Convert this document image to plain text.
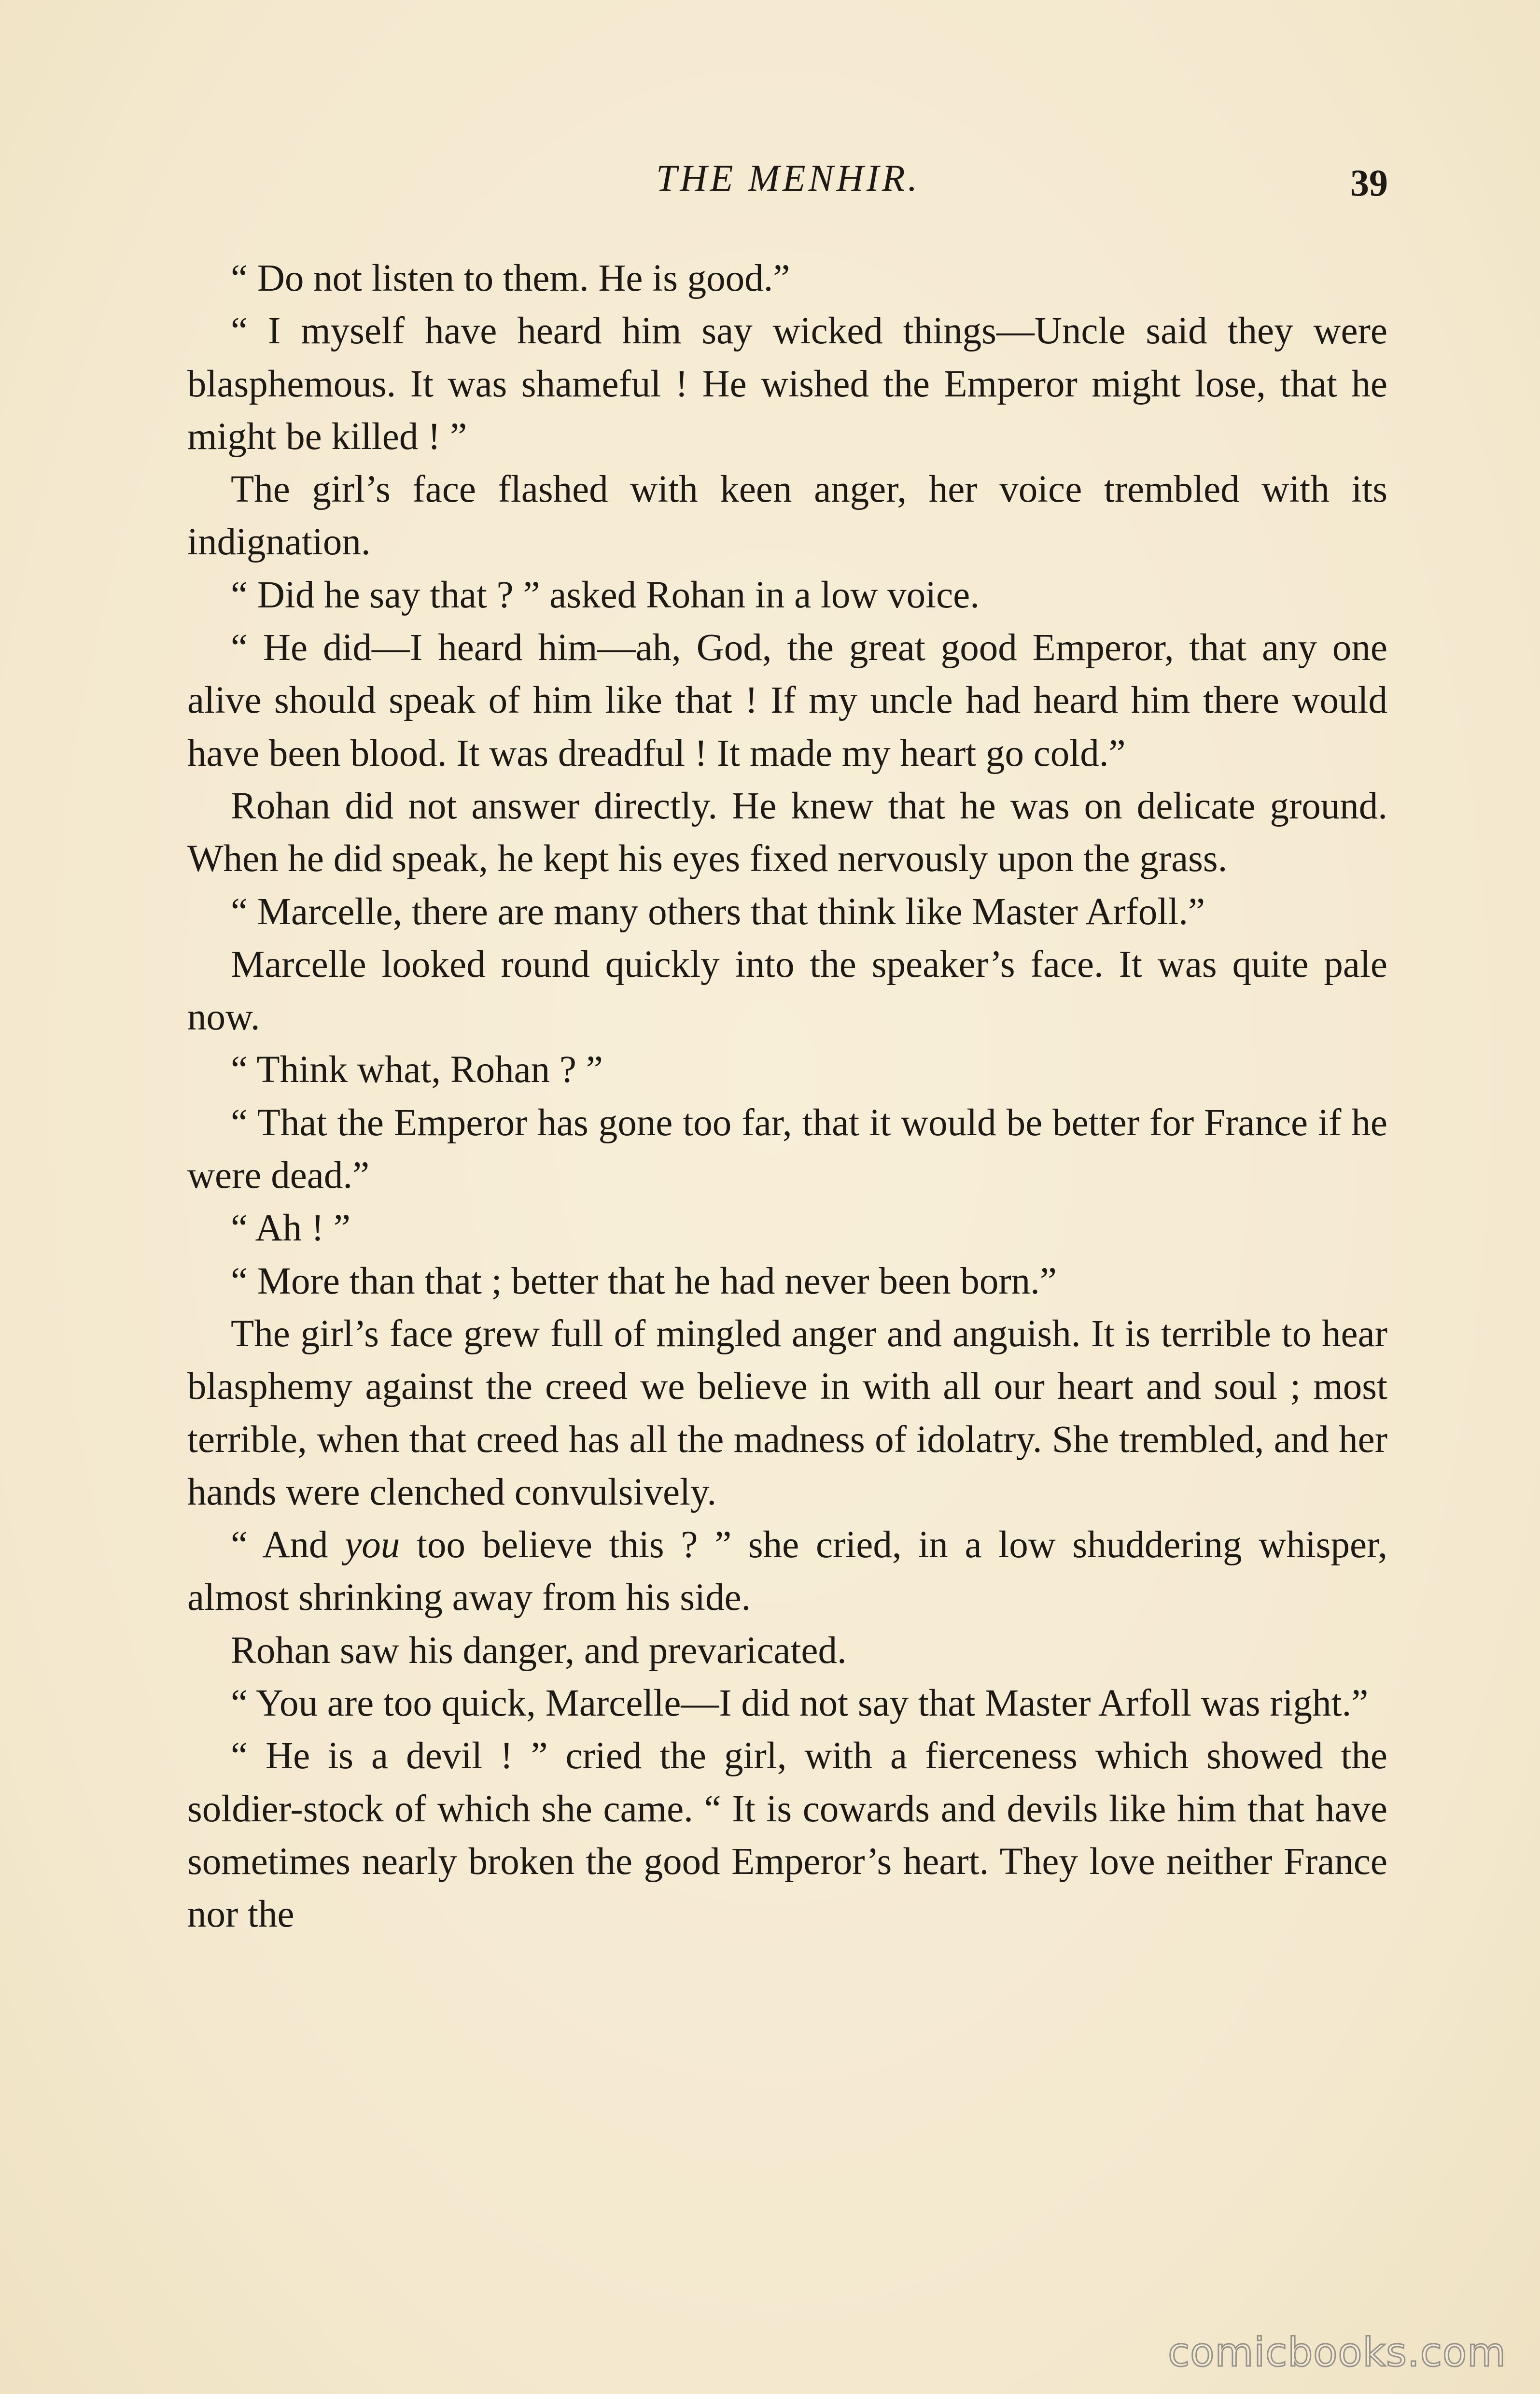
THE MENHIR.	39

“ Do not listen to them. He is good.”

“ I myself have heard him say wicked things—Uncle said they were blasphemous. It was shameful ! He wished the Emperor might lose, that he might be killed ! ”

The girl’s face flashed with keen anger, her voice trembled with its indignation.

“ Did he say that ? ” asked Rohan in a low voice.

“ He did—I heard him—ah, God, the great good Emperor, that any one alive should speak of him like that ! If my uncle had heard him there would have been blood. It was dreadful ! It made my heart go cold.”

Rohan did not answer directly. He knew that he was on delicate ground. When he did speak, he kept his eyes fixed nervously upon the grass.

“ Marcelle, there are many others that think like Master Arfoll.”

Marcelle looked round quickly into the speaker’s face. It was quite pale now.

“ Think what, Rohan ? ”

“ That the Emperor has gone too far, that it would be better for France if he were dead.”

“ Ah ! ”

“ More than that ; better that he had never been born.”

The girl’s face grew full of mingled anger and anguish. It is terrible to hear blasphemy against the creed we believe in with all our heart and soul ; most terrible, when that creed has all the madness of idolatry. She trembled, and her hands were clenched convulsively.

“ And you too believe this ? ” she cried, in a low shuddering whisper, almost shrinking away from his side.

Rohan saw his danger, and prevaricated.

“ You are too quick, Marcelle—I did not say that Master Arfoll was right.”

“ He is a devil ! ” cried the girl, with a fierceness which showed the soldier-stock of which she came. “ It is cowards and devils like him that have sometimes nearly broken the good Emperor’s heart. They love neither France nor the

comicbooks.com
